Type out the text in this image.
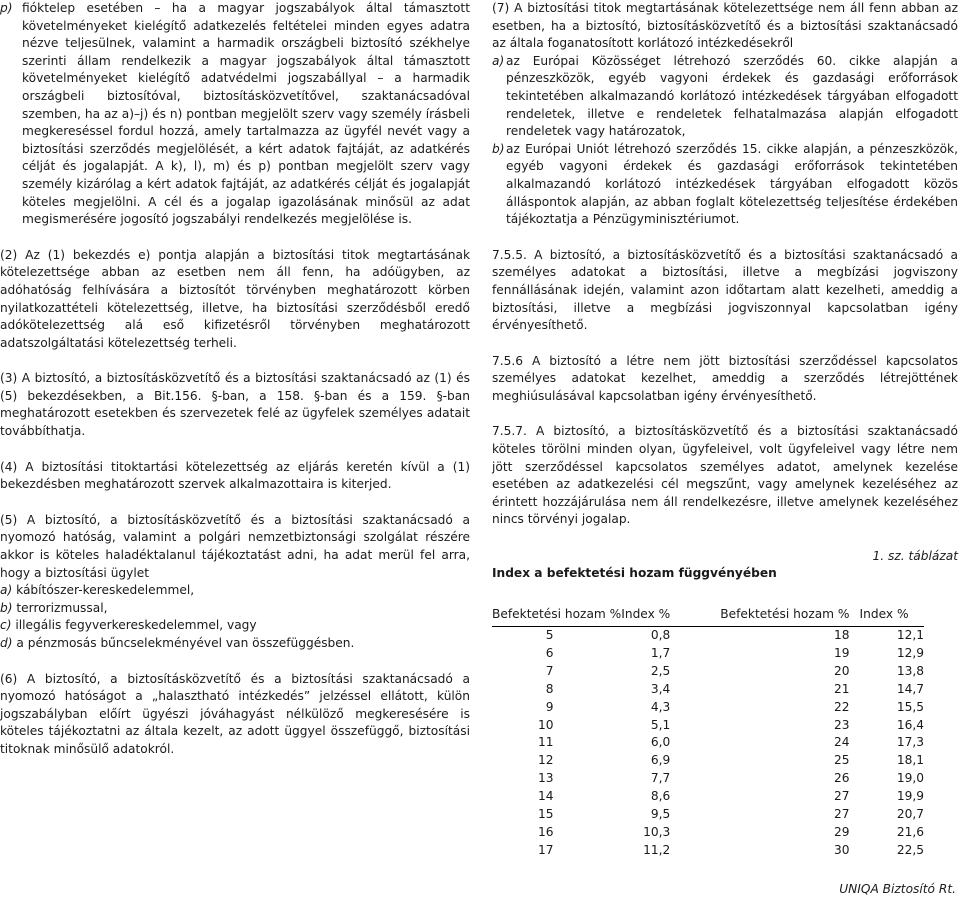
p) fióktelep esetében – ha a magyar jogszabályok által támasztott követelményeket kielégítő adatkezelés feltételei minden egyes adatra nézve teljesülnek, valamint a harmadik országbeli biztosító székhelye szerinti állam rendelkezik a magyar jogszabályok által támasztott követelményeket kielégítő adatvédelmi jogszabállyal – a harmadik országbeli biztosítóval, biztosításközvetítővel, szaktanácsadóval szemben, ha az a)–j) és n) pontban megjelölt szerv vagy személy írásbeli megkereséssel fordul hozzá, amely tartalmazza az ügyfél nevét vagy a biztosítási szerződés megjelölését, a kért adatok fajtáját, az adatkérés célját és jogalapját. A k), l), m) és p) pontban megjelölt szerv vagy személy kizárólag a kért adatok fajtáját, az adatkérés célját és jogalapját köteles megjelölni. A cél és a jogalap igazolásának minősül az adat megismerésére jogosító jogszabályi rendelkezés megjelölése is.

(2) Az (1) bekezdés e) pontja alapján a biztosítási titok megtartásának kötelezettsége abban az esetben nem áll fenn, ha adóügyben, az adóhatóság felhívására a biztosítót törvényben meghatározott körben nyilatkozattételi kötelezettség, illetve, ha biztosítási szerződésből eredő adókötelezettség alá eső kifizetésről törvényben meghatározott adatszolgáltatási kötelezettség terheli.

(3) A biztosító, a biztosításközvetítő és a biztosítási szaktanácsadó az (1) és (5) bekezdésekben, a Bit.156. §-ban, a 158. §-ban és a 159. §-ban meghatározott esetekben és szervezetek felé az ügyfelek személyes adatait továbbíthatja.

(4) A biztosítási titoktartási kötelezettség az eljárás keretén kívül a (1) bekezdésben meghatározott szervek alkalmazottaira is kiterjed.

(5) A biztosító, a biztosításközvetítő és a biztosítási szaktanácsadó a nyomozó hatóság, valamint a polgári nemzetbiztonsági szolgálat részére akkor is köteles haladéktalanul tájékoztatást adni, ha adat merül fel arra, hogy a biztosítási ügylet

a) kábítószer-kereskedelemmel,

b) terrorizmussal,

c) illegális fegyverkereskedelemmel, vagy

d) a pénzmosás bűncselekményével van összefüggésben.

(6) A biztosító, a biztosításközvetítő és a biztosítási szaktanácsadó a nyomozó hatóságot a „halasztható intézkedés” jelzéssel ellátott, külön jogszabályban előírt ügyészi jóváhagyást nélkülöző megkeresésére is köteles tájékoztatni az általa kezelt, az adott üggyel összefüggő, biztosítási titoknak minősülő adatokról.

(7) A biztosítási titok megtartásának kötelezettsége nem áll fenn abban az esetben, ha a biztosító, biztosításközvetítő és a biztosítási szaktanácsadó az általa foganatosított korlátozó intézkedésekről

a) az Európai Közösséget létrehozó szerződés 60. cikke alapján a pénzeszközök, egyéb vagyoni érdekek és gazdasági erőforrások tekintetében alkalmazandó korlátozó intézkedések tárgyában elfogadott rendeletek, illetve e rendeletek felhatalmazása alapján elfogadott rendeletek vagy határozatok,
b) az Európai Uniót létrehozó szerződés 15. cikke alapján, a pénzeszközök, egyéb vagyoni érdekek és gazdasági erőforrások tekintetében alkalmazandó korlátozó intézkedések tárgyában elfogadott közös álláspontok alapján, az abban foglalt kötelezettség teljesítése érdekében tájékoztatja a Pénzügyminisztériumot.

7.5.5. A biztosító, a biztosításközvetítő és a biztosítási szaktanácsadó a személyes adatokat a biztosítási, illetve a megbízási jogviszony fennállásának idején, valamint azon időtartam alatt kezelheti, ameddig a biztosítási, illetve a megbízási jogviszonnyal kapcsolatban igény érvényesíthető.

7.5.6 A biztosító a létre nem jött biztosítási szerződéssel kapcsolatos személyes adatokat kezelhet, ameddig a szerződés létrejöttének meghiúsulásával kapcsolatban igény érvényesíthető.

7.5.7. A biztosító, a biztosításközvetítő és a biztosítási szaktanácsadó köteles törölni minden olyan, ügyfeleivel, volt ügyfeleivel vagy létre nem jött szerződéssel kapcsolatos személyes adatot, amelynek kezelése esetében az adatkezelési cél megszűnt, vagy amelynek kezeléséhez az érintett hozzájárulása nem áll rendelkezésre, illetve amelynek kezeléséhez nincs törvényi jogalap.

1. sz. táblázat
Index a befektetési hozam függvényében
Befektetési hozam %Index %		Befektetési hozam %	Index %
5	0,8	18	12,1
6	1,7	19	12,9
7	2,5	20	13,8
8	3,4	21	14,7
9	4,3	22	15,5
10	5,1	23	16,4
11	6,0	24	17,3
12	6,9	25	18,1
13	7,7	26	19,0
14	8,6	27	19,9
15	9,5	27	20,7
16	10,3	29	21,6
17	11,2	30	22,5
UNIQA Biztosító Rt.
